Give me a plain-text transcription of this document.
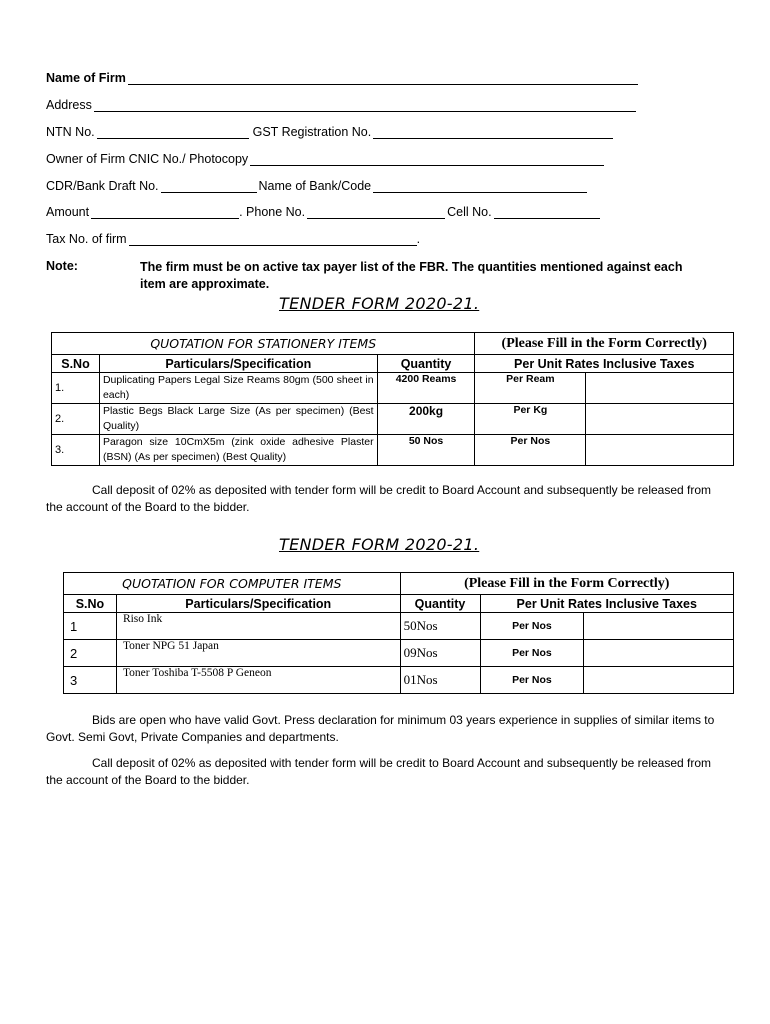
Name of Firm
Address
NTN No.	GST Registration No.
Owner of Firm CNIC No./ Photocopy
CDR/Bank Draft No.	Name of Bank/Code
Amount	. Phone No.	Cell No.
Tax No. of firm	.
Note:	The firm must be on active tax payer list of the FBR. The quantities mentioned against each item are approximate.
TENDER FORM 2020-21.
QUOTATION FOR STATIONERY ITEMS			(Please Fill in the Form Correctly)	
S.No	Particulars/Specification	Quantity	Per Unit Rates Inclusive Taxes	
1.	Duplicating Papers Legal Size Reams 80gm (500 sheet in each)	4200 Reams	Per Ream	
2.	Plastic Begs Black Large Size (As per specimen) (Best Quality)	200kg	Per Kg	
3.	Paragon size 10CmX5m (zink oxide adhesive Plaster (BSN) (As per specimen) (Best Quality)	50 Nos	Per Nos	
Call deposit of 02% as deposited with tender form will be credit to Board Account and subsequently be released from the account of the Board to the bidder.
TENDER FORM 2020-21.
QUOTATION FOR COMPUTER ITEMS		(Please Fill in the Form Correctly)		
S.No	Particulars/Specification	Quantity	Per Unit Rates Inclusive Taxes	
1	Riso Ink	50Nos	Per Nos	
2	Toner NPG 51 Japan	09Nos	Per Nos	
3	Toner Toshiba T-5508 P Geneon	01Nos	Per Nos	
Bids are open who have valid Govt. Press declaration for minimum 03 years experience in supplies of similar items to Govt. Semi Govt, Private Companies and departments.
Call deposit of 02% as deposited with tender form will be credit to Board Account and subsequently be released from the account of the Board to the bidder.
